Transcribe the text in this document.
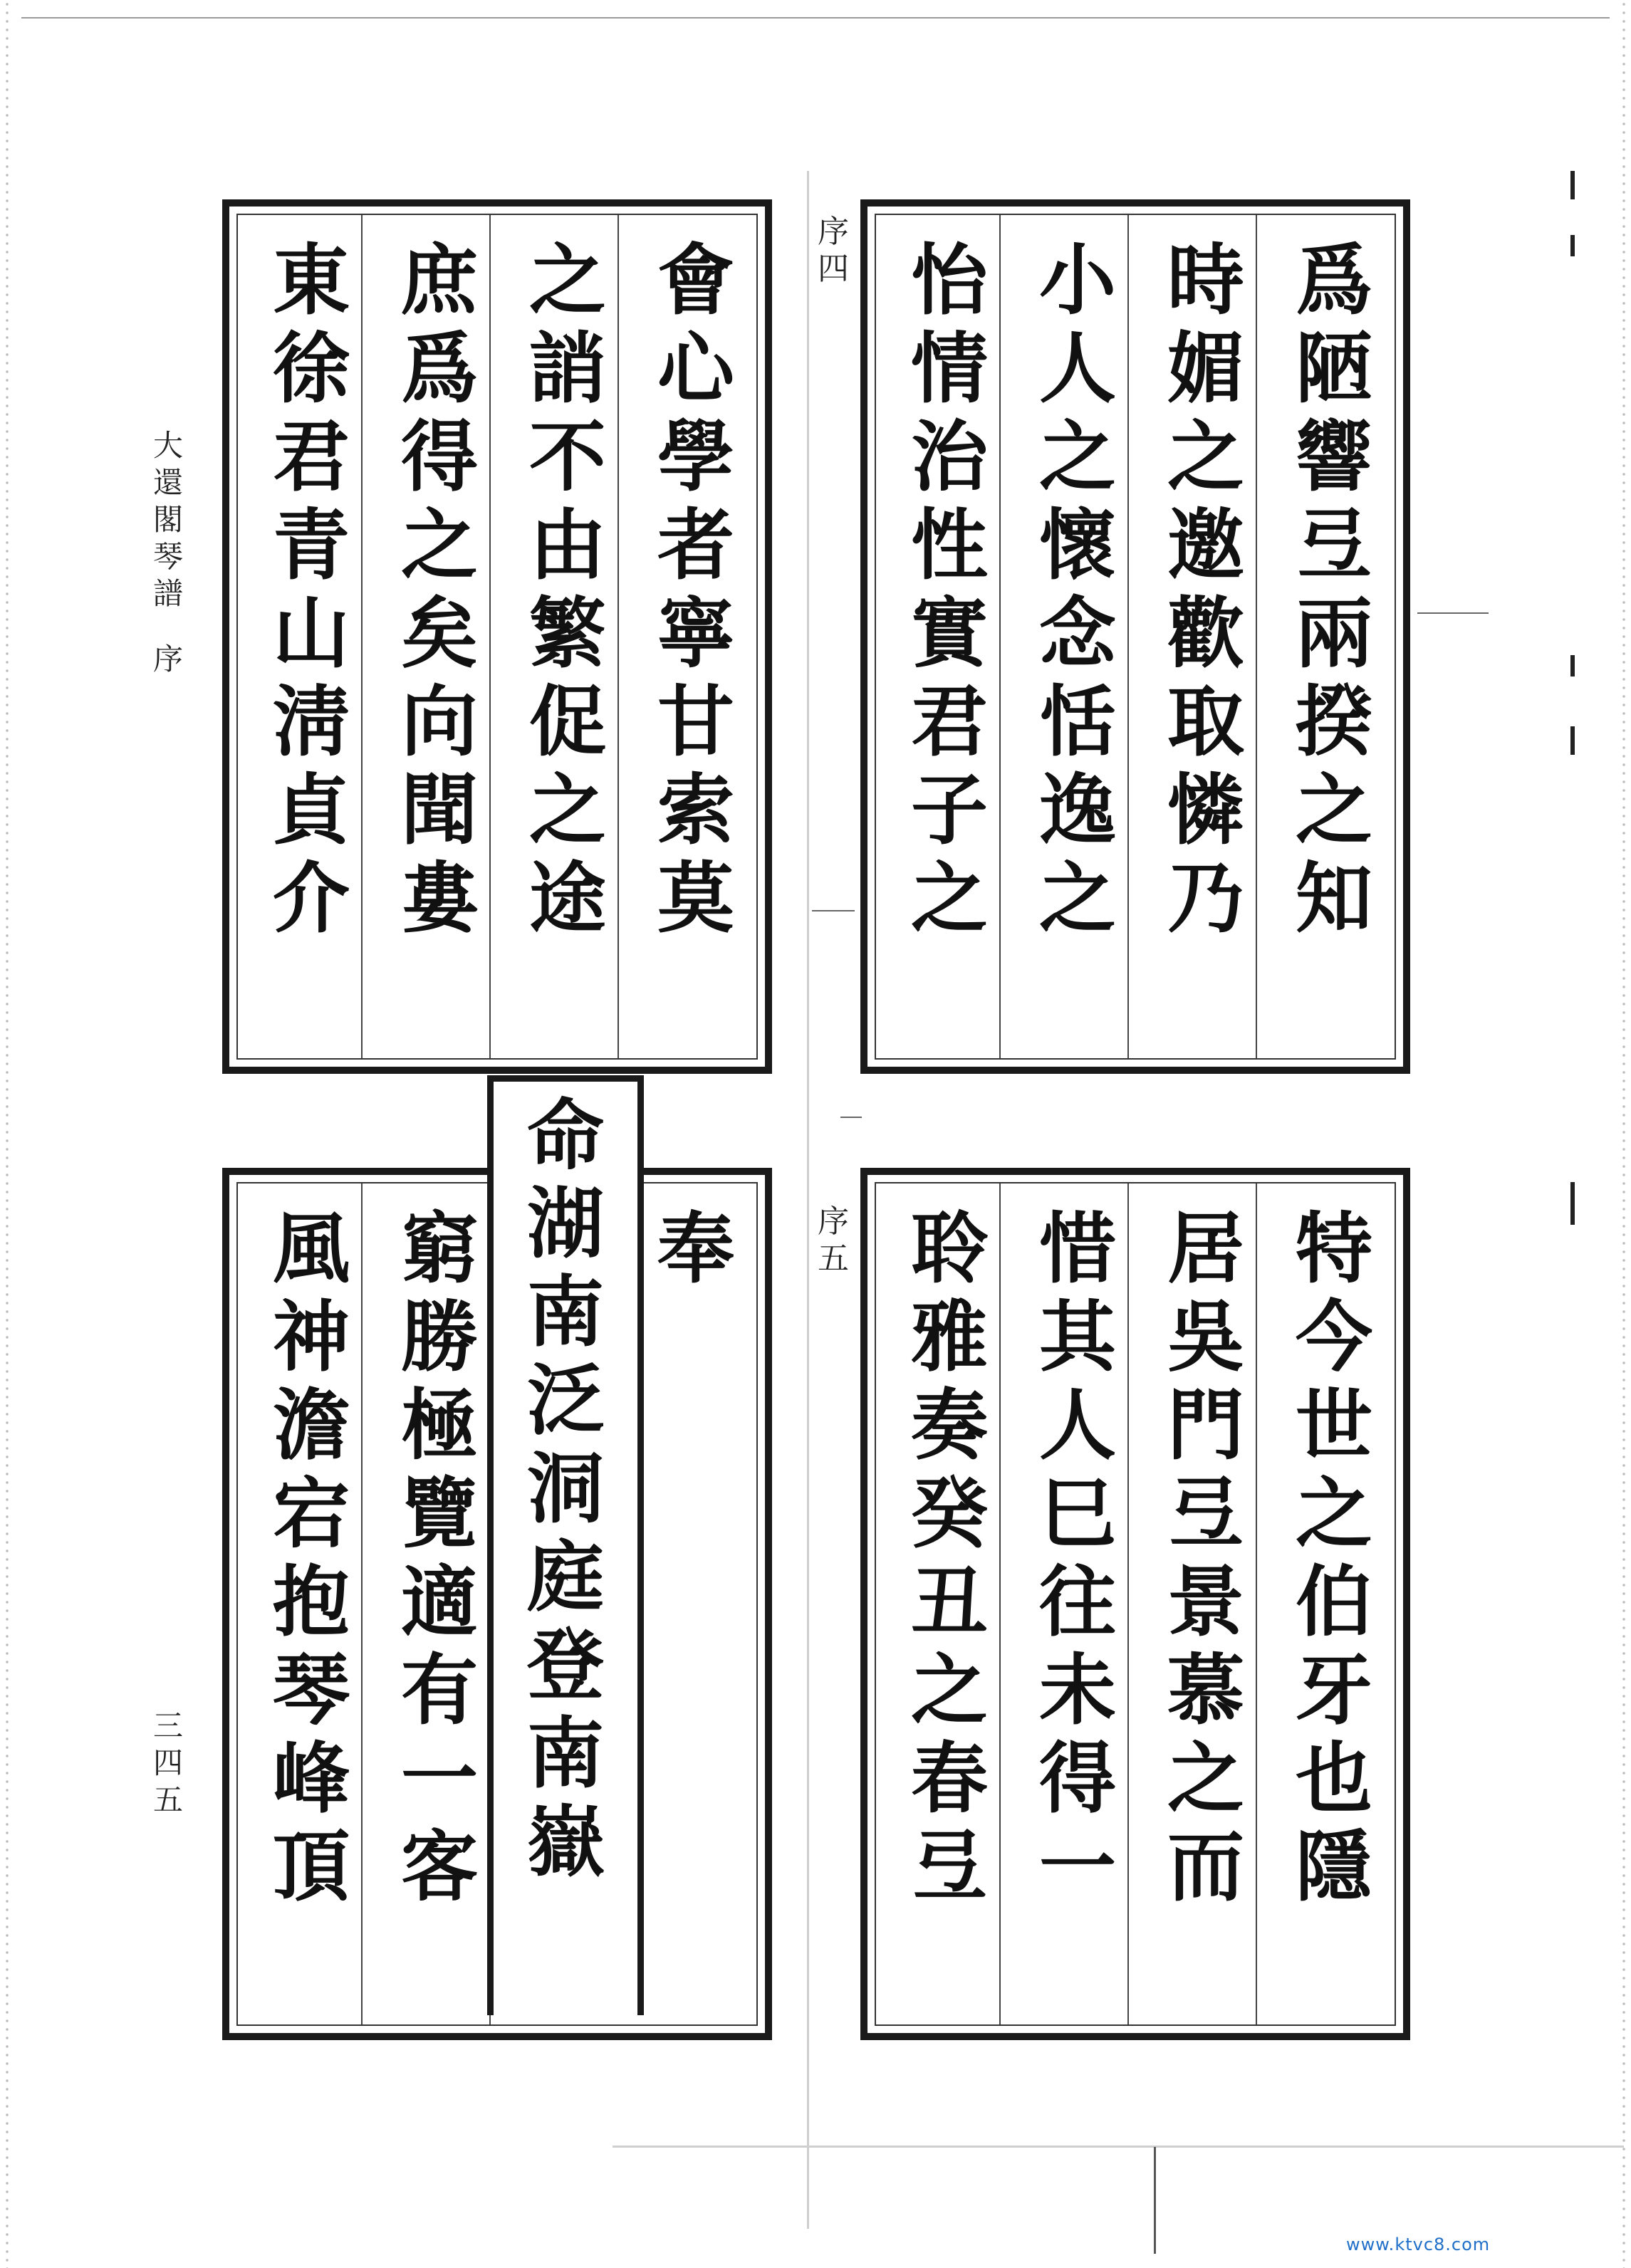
大
還
閣
琴
譜
序
三
四
五
會
心
學
者
寧
甘
索
莫
之
誚
不
由
繁
促
之
途
庶
爲
得
之
矣
向
聞
婁
東
徐
君
青
山
淸
貞
介
序
四	爲
陋
響
弖
兩
揆
之
知
時
媚
之
邀
歡
取
憐
乃
小
人
之
懷
念
恬
逸
之
怡
情
治
性
實
君
子
之
奉
窮
勝
極
覽
適
有
一
客
風
神
澹
宕
抱
琴
峰
頂
命
湖
南
泛
洞
庭
登
南
嶽
序
五	特
今
世
之
伯
牙
也
隱
居
吳
門
弖
景
慕
之
而
惜
其
人
巳
往
未
得
一
聆
雅
奏
癸
丑
之
春
弖
www.ktvc8.com
